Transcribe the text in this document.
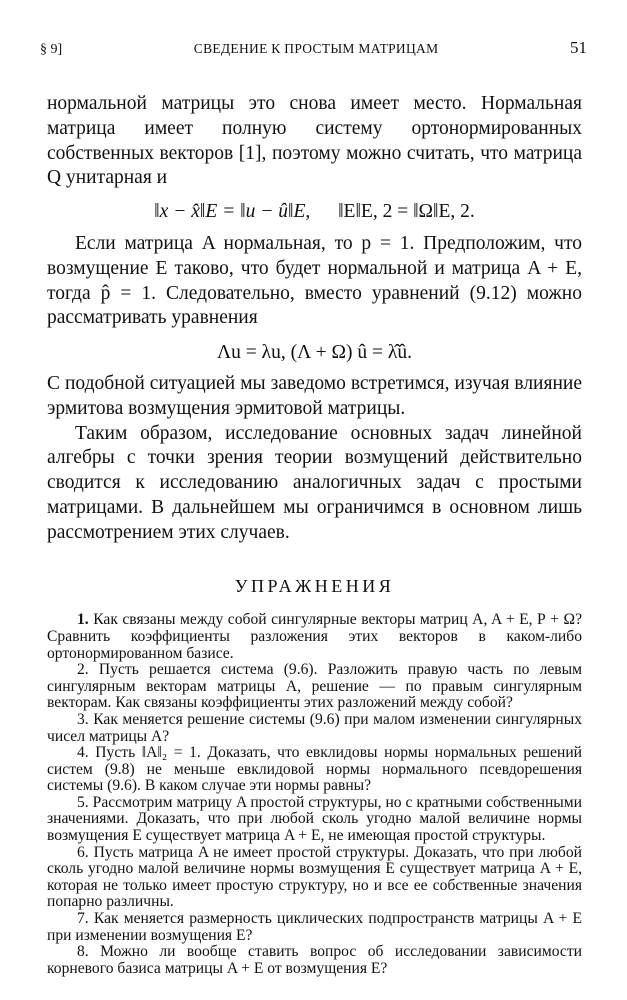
§ 9]	СВЕДЕНИЕ К ПРОСТЫМ МАТРИЦАМ	51

нормальной матрицы это снова имеет место. Нормальная матрица имеет полную систему ортонормированных собственных векторов [1], поэтому можно считать, что матрица Q унитарная и

‖x − x̂‖E = ‖u − û‖E, ‖E‖E, 2 = ‖Ω‖E, 2.

Если матрица A нормальная, то p = 1. Предположим, что возмущение Е таково, что будет нормальной и матрица A + Е, тогда p̂ = 1. Следовательно, вместо уравнений (9.12) можно рассматривать уравнения

Λu = λu, (Λ + Ω) û = λ̂û.

С подобной ситуацией мы заведомо встретимся, изучая влияние эрмитова возмущения эрмитовой матрицы.

Таким образом, исследование основных задач линейной алгебры с точки зрения теории возмущений действительно сводится к исследованию аналогичных задач с простыми матрицами. В дальнейшем мы ограничимся в основном лишь рассмотрением этих случаев.

УПРАЖНЕНИЯ

1. Как связаны между собой сингулярные векторы матриц A, A + Е, Р + Ω? Сравнить коэффициенты разложения этих векторов в каком-либо ортонормированном базисе.

2. Пусть решается система (9.6). Разложить правую часть по левым сингулярным векторам матрицы A, решение — по правым сингулярным векторам. Как связаны коэффициенты этих разложений между собой?

3. Как меняется решение системы (9.6) при малом изменении сингулярных чисел матрицы A?

4. Пусть ‖A‖₂ = 1. Доказать, что евклидовы нормы нормальных решений систем (9.8) не меньше евклидовой нормы нормального псевдорешения системы (9.6). В каком случае эти нормы равны?

5. Рассмотрим матрицу A простой структуры, но с кратными собственными значениями. Доказать, что при любой сколь угодно малой величине нормы возмущения Е существует матрица A + Е, не имеющая простой структуры.

6. Пусть матрица A не имеет простой структуры. Доказать, что при любой сколь угодно малой величине нормы возмущения Е существует матрица A + Е, которая не только имеет простую структуру, но и все ее собственные значения попарно различны.

7. Как меняется размерность циклических подпространств матрицы A + Е при изменении возмущения Е?

8. Можно ли вообще ставить вопрос об исследовании зависимости корневого базиса матрицы A + Е от возмущения Е?
